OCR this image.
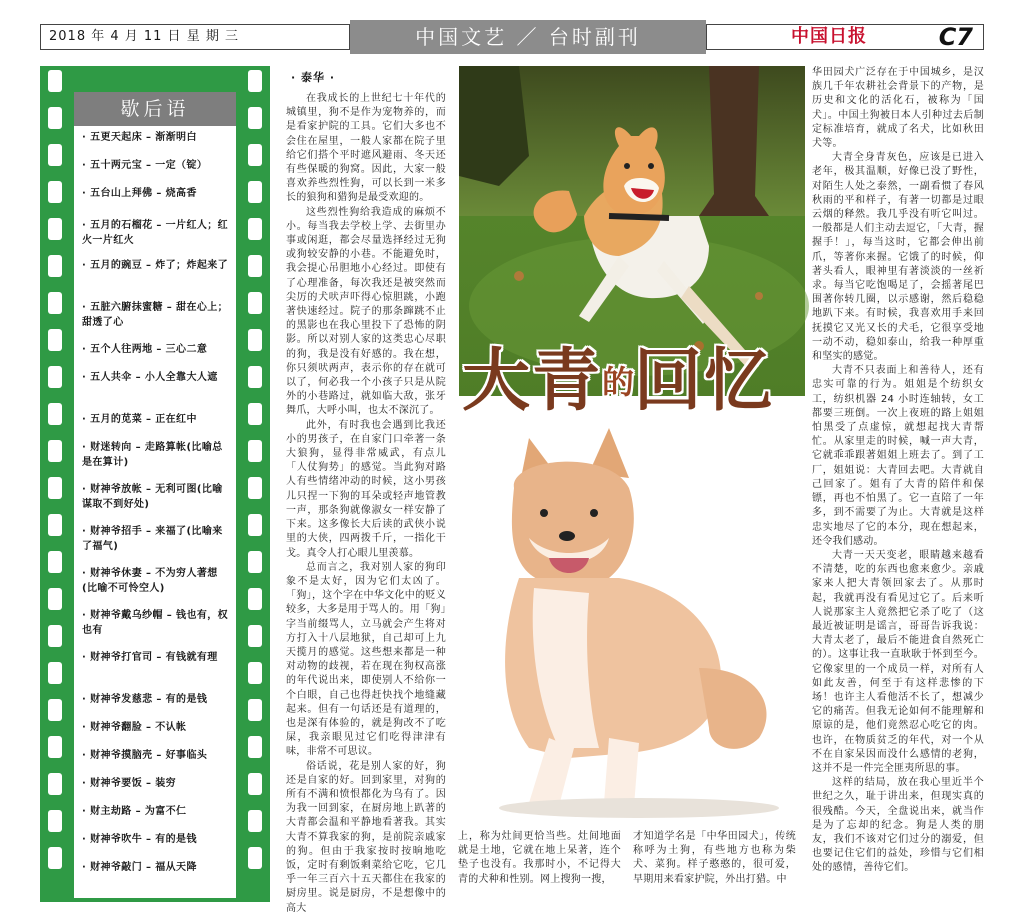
2018 年 4 月 11 日 星 期 三	中国文艺 ／ 台时副刊	中国日报	C7
歇后语
· 五更天起床 – 渐渐明白
· 五十两元宝 – 一定（锭）
· 五台山上拜佛 – 烧高香
· 五月的石榴花 – 一片红人；红火一片红火
· 五月的豌豆 – 炸了；炸起来了
· 五脏六腑抹蜜糖 – 甜在心上；甜透了心
· 五个人往两地 – 三心二意
· 五人共伞 – 小人全靠大人遮
· 五月的苋菜 – 正在红中
· 财迷转向 – 走路算帐(比喻总是在算计)
· 财神爷放帐 – 无利可图(比喻谋取不到好处)
· 财神爷招手 – 来福了(比喻来了福气)
· 财神爷休妻 – 不为穷人著想(比喻不可怜空人)
· 财神爷戴乌纱帽 – 钱也有，权也有
· 财神爷打官司 – 有钱就有理
· 财神爷发慈悲 – 有的是钱
· 财神爷翻脸 – 不认帐
· 财神爷摸脑壳 – 好事临头
· 财神爷要饭 – 装穷
· 财主劫路 – 为富不仁
· 财神爷吹牛 – 有的是钱
· 财神爷敲门 – 福从天降
· 泰华 ·

在我成长的上世纪七十年代的城镇里，狗不是作为宠物养的，而是看家护院的工具。它们大多也不会住在屋里，一般人家都在院子里给它们搭个平时遮风避雨、冬天还有些保暖的狗窝。因此，大家一般喜欢养些烈性狗，可以长到一米多长的狼狗和猎狗是最受欢迎的。

这些烈性狗给我造成的麻烦不小。每当我去学校上学、去街里办事或闲逛，都会尽量选择经过无狗或狗较安静的小巷。不能避免时，我会提心吊胆地小心经过。即使有了心理准备，每次我还是被突然而尖厉的犬吠声吓得心惊胆跳，小跑著快速经过。院子的那条蹿跳不止的黑影也在我心里投下了恐怖的阴影。所以对别人家的这类忠心尽职的狗，我是没有好感的。我在想，你只须吠两声，表示你的存在就可以了，何必我一个小孩子只是从院外的小巷路过，就如临大敌，张牙舞爪，大呼小叫，也太不深沉了。

此外，有时我也会遇到比我还小的男孩子，在自家门口牵著一条大狼狗，显得非常威武，有点儿「人仗狗势」的感觉。当此狗对路人有些情绪冲动的时候，这小男孩儿只捏一下狗的耳朵或轻声地管教一声，那条狗就像淑女一样安静了下来。这多像长大后读的武侠小说里的大侠，四两拨千斤，一指化干戈。真令人打心眼儿里羡慕。

总而言之，我对别人家的狗印象不是太好，因为它们太凶了。「狗」，这个字在中华文化中的贬义较多，大多是用于骂人的。用「狗」字当前缀骂人，立马就会产生将对方打入十八层地狱，自己却可上九天揽月的感觉。这些想来都是一种对动物的歧视，若在现在狗权高涨的年代说出来，即使别人不给你一个白眼，自己也得赶快找个地缝藏起来。但有一句话还是有道理的，也是深有体验的，就是狗改不了吃屎，我亲眼见过它们吃得津津有味，非常不可思议。

俗话说，花是别人家的好，狗还是自家的好。回到家里，对狗的所有不满和愤恨都化为乌有了。因为我一回到家，在厨房地上趴著的大青都会温和平静地看著我。其实大青不算我家的狗，是前院亲戚家的狗。但由于我家按时按晌地吃饭，定时有剩饭剩菜给它吃，它几乎一年三百六十五天都住在我家的厨房里。说是厨房，不是想像中的高大

大青的回忆

上，称为灶间更恰当些。灶间地面就是土地，它就在地上呆著，连个垫子也没有。我那时小，不记得大青的犬种和性别。网上搜狗一搜，

才知道学名是「中华田园犬」，传统称呼为土狗，有些地方也称为柴犬、菜狗。样子憨憨的，很可爱，早期用来看家护院，外出打猎。中

华田园犬广泛存在于中国城乡，是汉族几千年农耕社会背景下的产物，是历史和文化的活化石，被称为「国犬」。中国土狗被日本人引种过去后制定标准培育，就成了名犬，比如秋田犬等。

大青全身青灰色，应该是已进入老年，极其温顺，好像已没了野性，对陌生人处之泰然，一副看惯了春风秋雨的平和样子，有著一切都是过眼云烟的释然。我几乎没有听它叫过。一般都是人们主动去逗它，「大青，握握手！」，每当这时，它都会伸出前爪，等著你来握。它饿了的时候，仰著头看人，眼神里有著淡淡的一丝祈求。每当它吃饱喝足了，会摇著尾巴围著你转几圈，以示感谢，然后稳稳地趴下来。有时候，我喜欢用手来回抚摸它又光又长的犬毛，它很享受地一动不动，稳如泰山，给我一种厚重和坚实的感觉。

大青不只表面上和善待人，还有忠实可靠的行为。姐姐是个纺织女工，纺织机器 24 小时连轴转，女工都要三班倒。一次上夜班的路上姐姐怕黑受了点虚惊，就想起找大青帮忙。从家里走的时候，喊一声大青，它就乖乖跟著姐姐上班去了。到了工厂，姐姐说：大青回去吧。大青就自己回家了。姐有了大青的陪伴和保镖，再也不怕黑了。它一直陪了一年多，到不需要了为止。大青就是这样忠实地尽了它的本分，现在想起来，还令我们感动。

大青一天天变老，眼睛越来越看不清楚，吃的东西也愈来愈少。亲戚家来人把大青领回家去了。从那时起，我就再没有看见过它了。后来听人说那家主人竟然把它杀了吃了（这最近被证明是谣言，哥哥告诉我说：大青太老了，最后不能进食自然死亡的）。这事让我一直耿耿于怀到至今。它像家里的一个成员一样，对所有人如此友善，何至于有这样悲惨的下场！也许主人看他活不长了，想减少它的痛苦。但我无论如何不能理解和原谅的是，他们竟然忍心吃它的肉。也许，在物质贫乏的年代，对一个从不在自家呆因而没什么感情的老狗，这并不是一件完全匪夷所思的事。

这样的结局，放在我心里近半个世纪之久，耻于讲出来，但现实真的很残酷。今天，全盘说出来，就当作是为了忘却的纪念。狗是人类的朋友，我们不该对它们过分的溺爱，但也要记住它们的益处，珍惜与它们相处的感情，善待它们。
